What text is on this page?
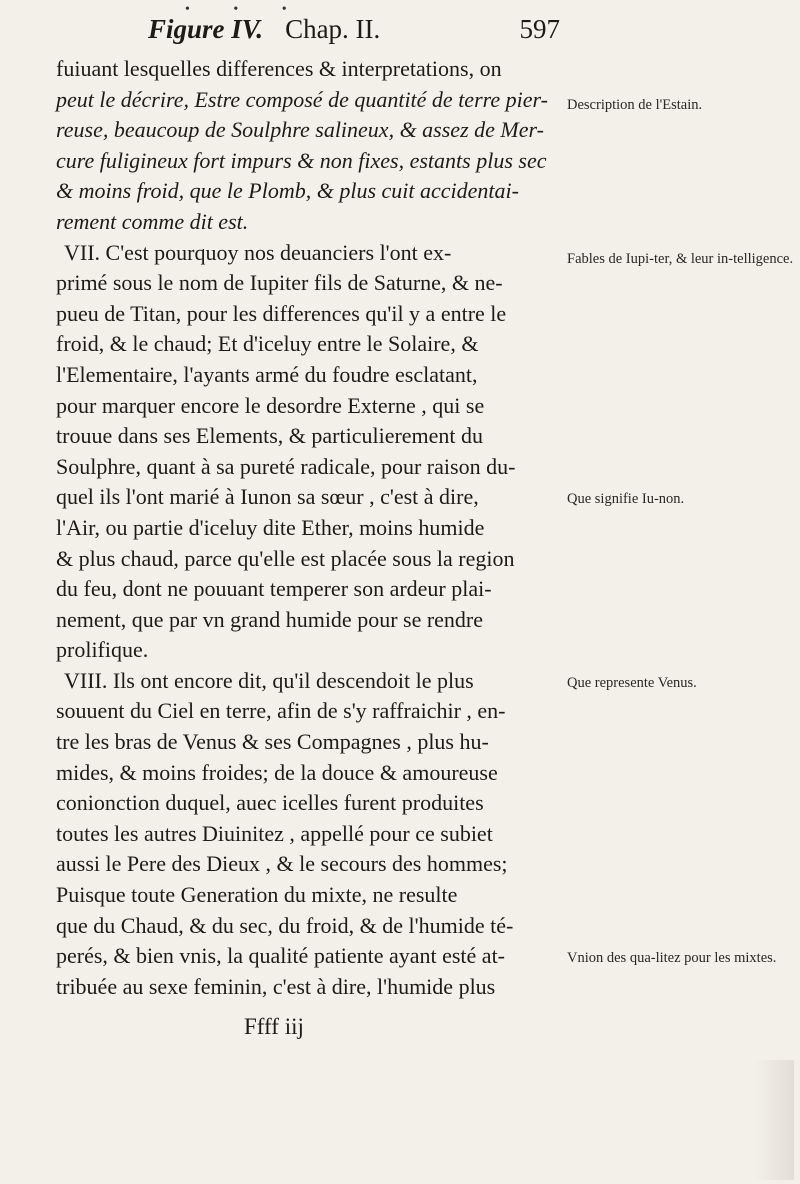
• • •
Figure IV. Chap. II.	597
fuiuant lesquelles differences & interpretations, on
peut le décrire, Estre composé de quantité de terre pier-
reuse, beaucoup de Soulphre salineux, & assez de Mer-
cure fuligineux fort impurs & non fixes, estants plus sec
& moins froid, que le Plomb, & plus cuit accidentai-
rement comme dit est.
VII. C'est pourquoy nos deuanciers l'ont ex-
primé sous le nom de Iupiter fils de Saturne, & ne-
pueu de Titan, pour les differences qu'il y a entre le
froid, & le chaud; Et d'iceluy entre le Solaire, &
l'Elementaire, l'ayants armé du foudre esclatant,
pour marquer encore le desordre Externe , qui se
trouue dans ses Elements, & particulierement du
Soulphre, quant à sa pureté radicale, pour raison du-
quel ils l'ont marié à Iunon sa sœur , c'est à dire,
l'Air, ou partie d'iceluy dite Ether, moins humide
& plus chaud, parce qu'elle est placée sous la region
du feu, dont ne pouuant temperer son ardeur plai-
nement, que par vn grand humide pour se rendre
prolifique.
VIII. Ils ont encore dit, qu'il descendoit le plus
souuent du Ciel en terre, afin de s'y raffraichir , en-
tre les bras de Venus & ses Compagnes , plus hu-
mides, & moins froides; de la douce & amoureuse
conionction duquel, auec icelles furent produites
toutes les autres Diuinitez , appellé pour ce subiet
aussi le Pere des Dieux , & le secours des hommes;
Puisque toute Generation du mixte, ne resulte
que du Chaud, & du sec, du froid, & de l'humide té-
perés, & bien vnis, la qualité patiente ayant esté at-
tribuée au sexe feminin, c'est à dire, l'humide plus
Description de l'Estain.
Fables de Iupi-ter, & leur in-telligence.
Que signifie Iu-non.
Que represente Venus.
Vnion des qua-litez pour les mixtes.
Ffff iij
